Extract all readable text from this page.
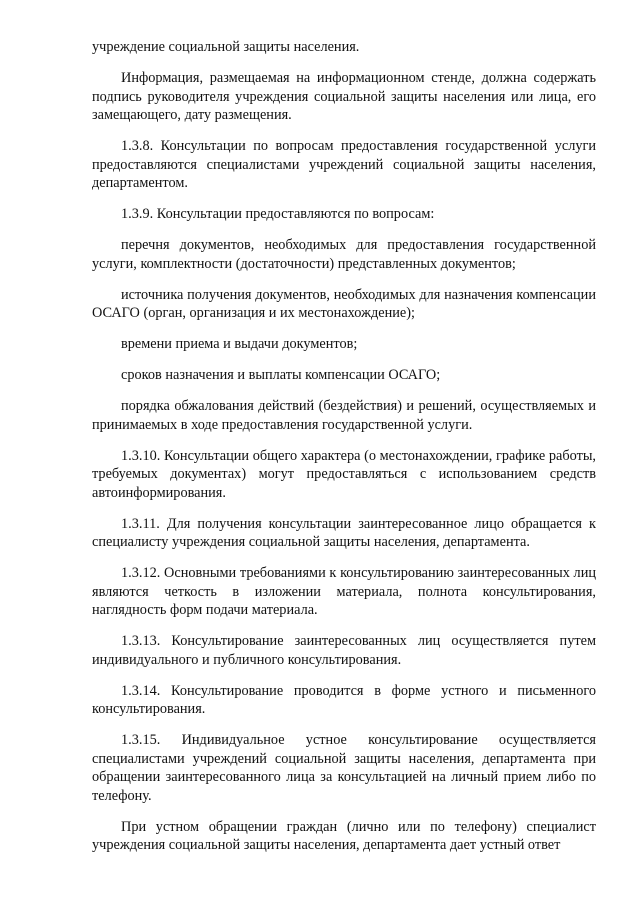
учреждение социальной защиты населения.

Информация, размещаемая на информационном стенде, должна содержать подпись руководителя учреждения социальной защиты населения или лица, его замещающего, дату размещения.

1.3.8. Консультации по вопросам предоставления государственной услуги предоставляются специалистами учреждений социальной защиты населения, департаментом.

1.3.9. Консультации предоставляются по вопросам:

перечня документов, необходимых для предоставления государственной услуги, комплектности (достаточности) представленных документов;

источника получения документов, необходимых для назначения компенсации ОСАГО (орган, организация и их местонахождение);

времени приема и выдачи документов;

сроков назначения и выплаты компенсации ОСАГО;

порядка обжалования действий (бездействия) и решений, осуществляемых и принимаемых в ходе предоставления государственной услуги.

1.3.10. Консультации общего характера (о местонахождении, графике работы, требуемых документах) могут предоставляться с использованием средств автоинформирования.

1.3.11. Для получения консультации заинтересованное лицо обращается к специалисту учреждения социальной защиты населения, департамента.

1.3.12. Основными требованиями к консультированию заинтересованных лиц являются четкость в изложении материала, полнота консультирования, наглядность форм подачи материала.

1.3.13. Консультирование заинтересованных лиц осуществляется путем индивидуального и публичного консультирования.

1.3.14. Консультирование проводится в форме устного и письменного консультирования.

1.3.15. Индивидуальное устное консультирование осуществляется специалистами учреждений социальной защиты населения, департамента при обращении заинтересованного лица за консультацией на личный прием либо по телефону.

При устном обращении граждан (лично или по телефону) специалист учреждения социальной защиты населения, департамента дает устный ответ
